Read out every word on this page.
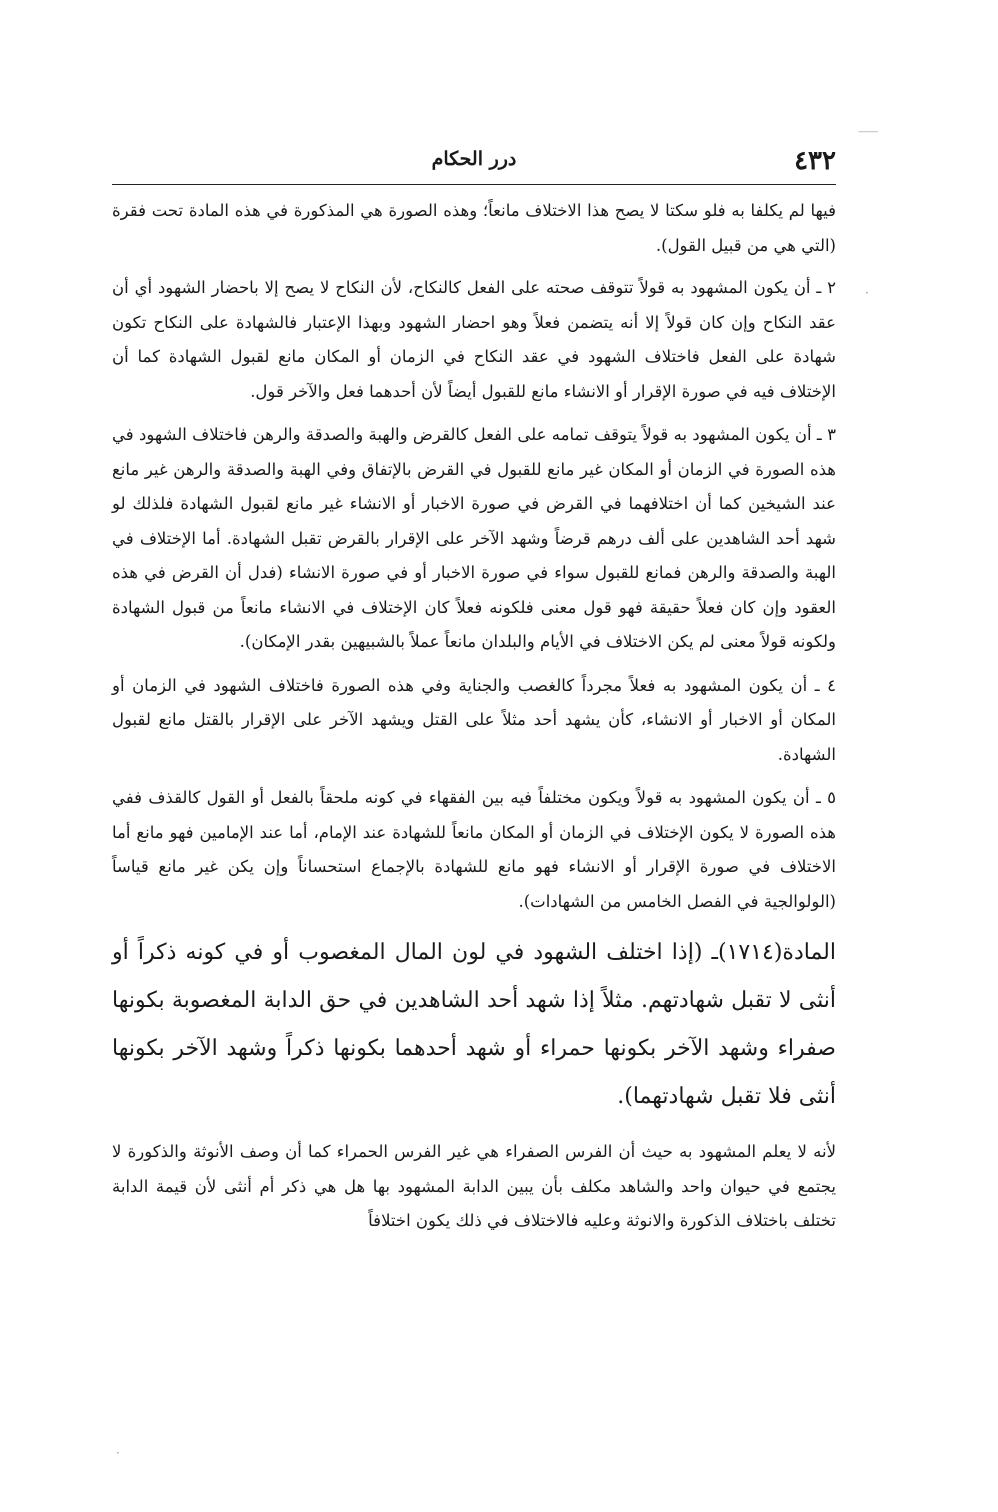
٤٣٢
درر الحكام

فيها لم يكلفا به فلو سكتا لا يصح هذا الاختلاف مانعاً؛ وهذه الصورة هي المذكورة في هذه المادة تحت فقرة (التي هي من قبيل القول).

٢ ـ أن يكون المشهود به قولاً تتوقف صحته على الفعل كالنكاح، لأن النكاح لا يصح إلا باحضار الشهود أي أن عقد النكاح وإن كان قولاً إلا أنه يتضمن فعلاً وهو احضار الشهود وبهذا الإعتبار فالشهادة على النكاح تكون شهادة على الفعل فاختلاف الشهود في عقد النكاح في الزمان أو المكان مانع لقبول الشهادة كما أن الإختلاف فيه في صورة الإقرار أو الانشاء مانع للقبول أيضاً لأن أحدهما فعل والآخر قول.

٣ ـ أن يكون المشهود به قولاً يتوقف تمامه على الفعل كالقرض والهبة والصدقة والرهن فاختلاف الشهود في هذه الصورة في الزمان أو المكان غير مانع للقبول في القرض بالإتفاق وفي الهبة والصدقة والرهن غير مانع عند الشيخين كما أن اختلافهما في القرض في صورة الاخبار أو الانشاء غير مانع لقبول الشهادة فلذلك لو شهد أحد الشاهدين على ألف درهم قرضاً وشهد الآخر على الإقرار بالقرض تقبل الشهادة. أما الإختلاف في الهبة والصدقة والرهن فمانع للقبول سواء في صورة الاخبار أو في صورة الانشاء (فدل أن القرض في هذه العقود وإن كان فعلاً حقيقة فهو قول معنى فلكونه فعلاً كان الإختلاف في الانشاء مانعاً من قبول الشهادة ولكونه قولاً معنى لم يكن الاختلاف في الأيام والبلدان مانعاً عملاً بالشبيهين بقدر الإمكان).

٤ ـ أن يكون المشهود به فعلاً مجرداً كالغصب والجناية وفي هذه الصورة فاختلاف الشهود في الزمان أو المكان أو الاخبار أو الانشاء، كأن يشهد أحد مثلاً على القتل ويشهد الآخر على الإقرار بالقتل مانع لقبول الشهادة.

٥ ـ أن يكون المشهود به قولاً ويكون مختلفاً فيه بين الفقهاء في كونه ملحقاً بالفعل أو القول كالقذف ففي هذه الصورة لا يكون الإختلاف في الزمان أو المكان مانعاً للشهادة عند الإمام، أما عند الإمامين فهو مانع أما الاختلاف في صورة الإقرار أو الانشاء فهو مانع للشهادة بالإجماع استحساناً وإن يكن غير مانع قياساً (الولوالجية في الفصل الخامس من الشهادات).

المادة(١٧١٤)ـ (إذا اختلف الشهود في لون المال المغصوب أو في كونه ذكراً أو أنثى لا تقبل شهادتهم. مثلاً إذا شهد أحد الشاهدين في حق الدابة المغصوبة بكونها صفراء وشهد الآخر بكونها حمراء أو شهد أحدهما بكونها ذكراً وشهد الآخر بكونها أنثى فلا تقبل شهادتهما).

لأنه لا يعلم المشهود به حيث أن الفرس الصفراء هي غير الفرس الحمراء كما أن وصف الأنوثة والذكورة لا يجتمع في حيوان واحد والشاهد مكلف بأن يبين الدابة المشهود بها هل هي ذكر أم أنثى لأن قيمة الدابة تختلف باختلاف الذكورة والانوثة وعليه فالاختلاف في ذلك يكون اختلافاً

⸺
·
·
